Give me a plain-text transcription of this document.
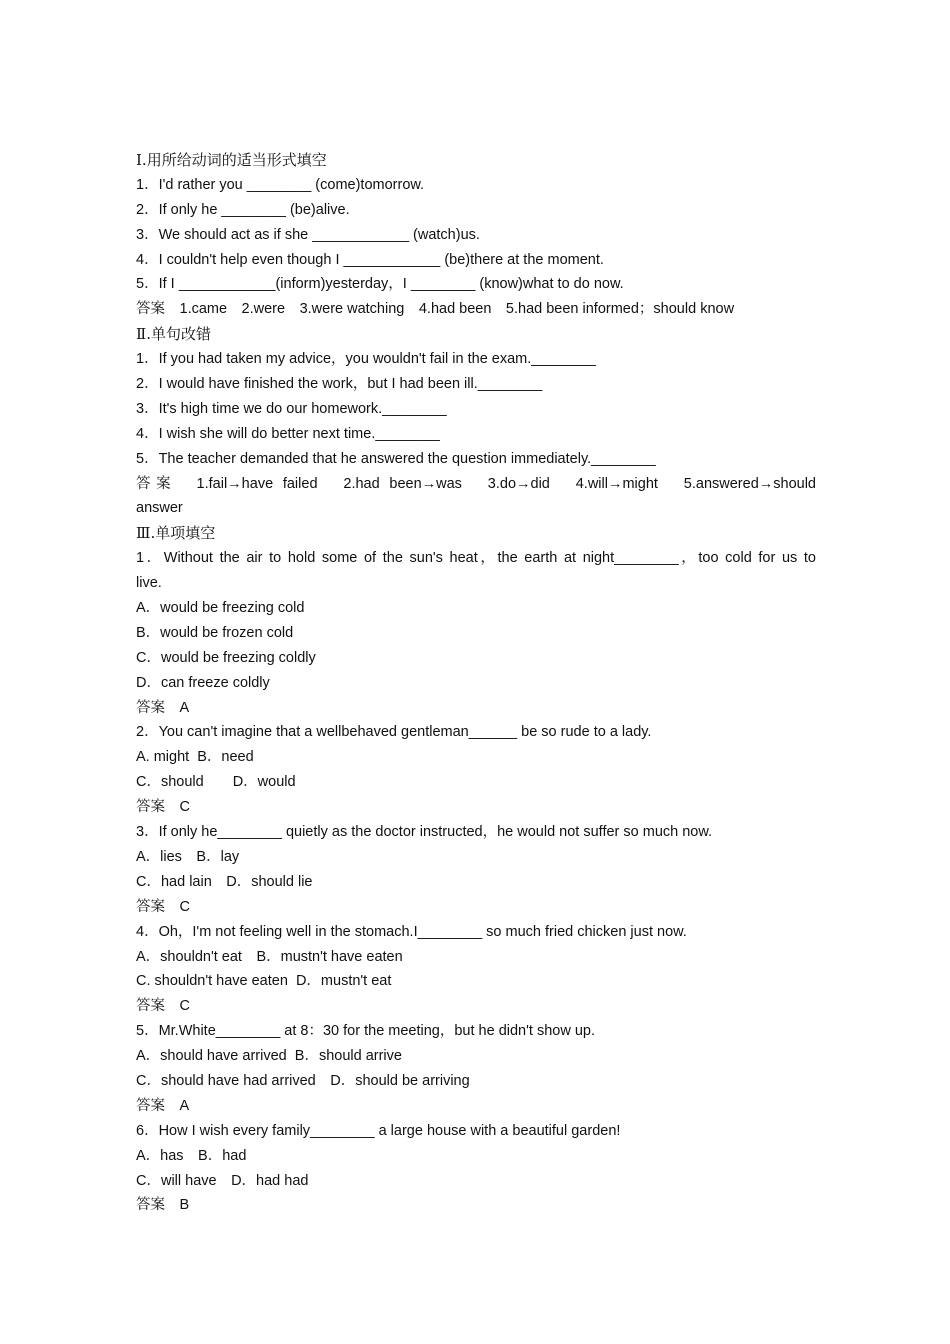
Ⅰ.用所给动词的适当形式填空
1．I'd rather you ________ (come)tomorrow.
2．If only he ________ (be)alive.
3．We should act as if she ____________ (watch)us.
4．I couldn't help even though I ____________ (be)there at the moment.
5．If I ____________(inform)yesterday，I ________ (know)what to do now.
答案　1.came　2.were　3.were watching　4.had been　5.had been informed；should know
Ⅱ.单句改错
1．If you had taken my advice，you wouldn't fail in the exam.________
2．I would have finished the work，but I had been ill.________
3．It's high time we do our homework.________
4．I wish she will do better next time.________
5．The teacher demanded that he answered the question immediately.________
答案　1.fail→have failed　2.had been→was　3.do→did　4.will→might　5.answered→should
answer
Ⅲ.单项填空
1．Without the air to hold some of the sun's heat，the earth at night________，too cold for us to
live.
A．would be freezing cold
B．would be frozen cold
C．would be freezing coldly
D．can freeze coldly
答案　A
2．You can't imagine that a wellbehaved gentleman______ be so rude to a lady.
A. might  B．need
C．should　　D．would
答案　C
3．If only he________ quietly as the doctor instructed，he would not suffer so much now.
A．lies　B．lay
C．had lain　D．should lie
答案　C
4．Oh，I'm not feeling well in the stomach.I________ so much fried chicken just now.
A．shouldn't eat　B．mustn't have eaten
C. shouldn't have eaten  D．mustn't eat
答案　C
5．Mr.White________ at 8：30 for the meeting，but he didn't show up.
A．should have arrived  B．should arrive
C．should have had arrived　D．should be arriving
答案　A
6．How I wish every family________ a large house with a beautiful garden!
A．has　B．had
C．will have　D．had had
答案　B
